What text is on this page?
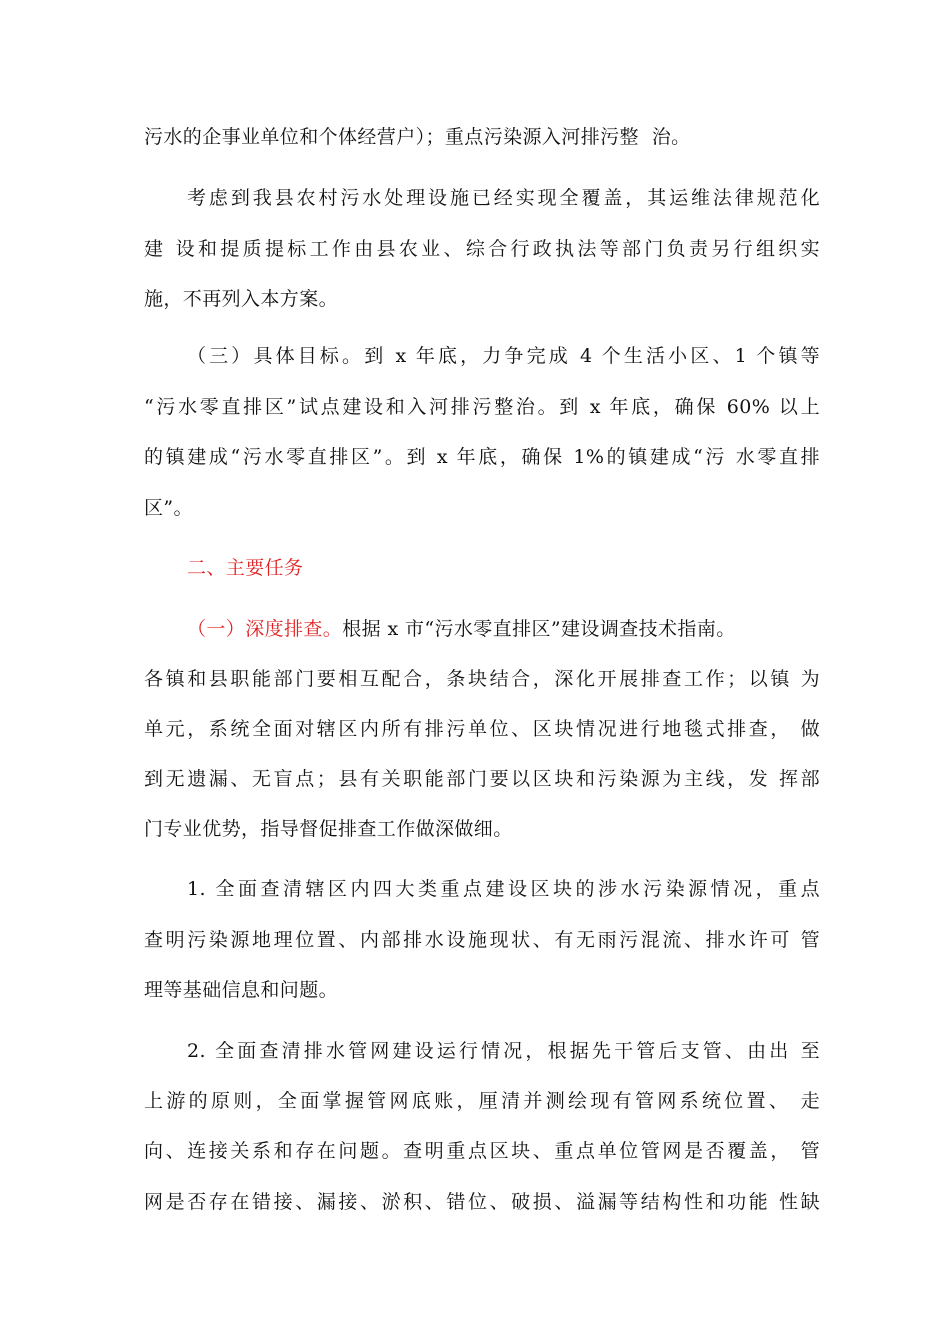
污水的企事业单位和个体经营户）；重点污染源入河排污整  治。
考虑到我县农村污水处理设施已经实现全覆盖，其运维法律规范化
建 设和提质提标工作由县农业、综合行政执法等部门负责另行组织实
施，不再列入本方案。
（三）具体目标。到 x 年底，力争完成 4 个生活小区、1 个镇等
“污水零直排区”试点建设和入河排污整治。到 x 年底，确保 60% 以上
的镇建成“污水零直排区”。到 x 年底，确保 1%的镇建成“污 水零直排
区”。
二、主要任务
（一）深度排查。根据 x 市“污水零直排区”建设调查技术指南。
各镇和县职能部门要相互配合，条块结合，深化开展排查工作；以镇 为
单元，系统全面对辖区内所有排污单位、区块情况进行地毯式排查， 做
到无遗漏、无盲点；县有关职能部门要以区块和污染源为主线，发 挥部
门专业优势，指导督促排查工作做深做细。
1. 全面查清辖区内四大类重点建设区块的涉水污染源情况，重点
查明污染源地理位置、内部排水设施现状、有无雨污混流、排水许可 管
理等基础信息和问题。
2. 全面查清排水管网建设运行情况，根据先干管后支管、由出 至
上游的原则，全面掌握管网底账，厘清并测绘现有管网系统位置、 走
向、连接关系和存在问题。查明重点区块、重点单位管网是否覆盖， 管
网是否存在错接、漏接、淤积、错位、破损、溢漏等结构性和功能 性缺
